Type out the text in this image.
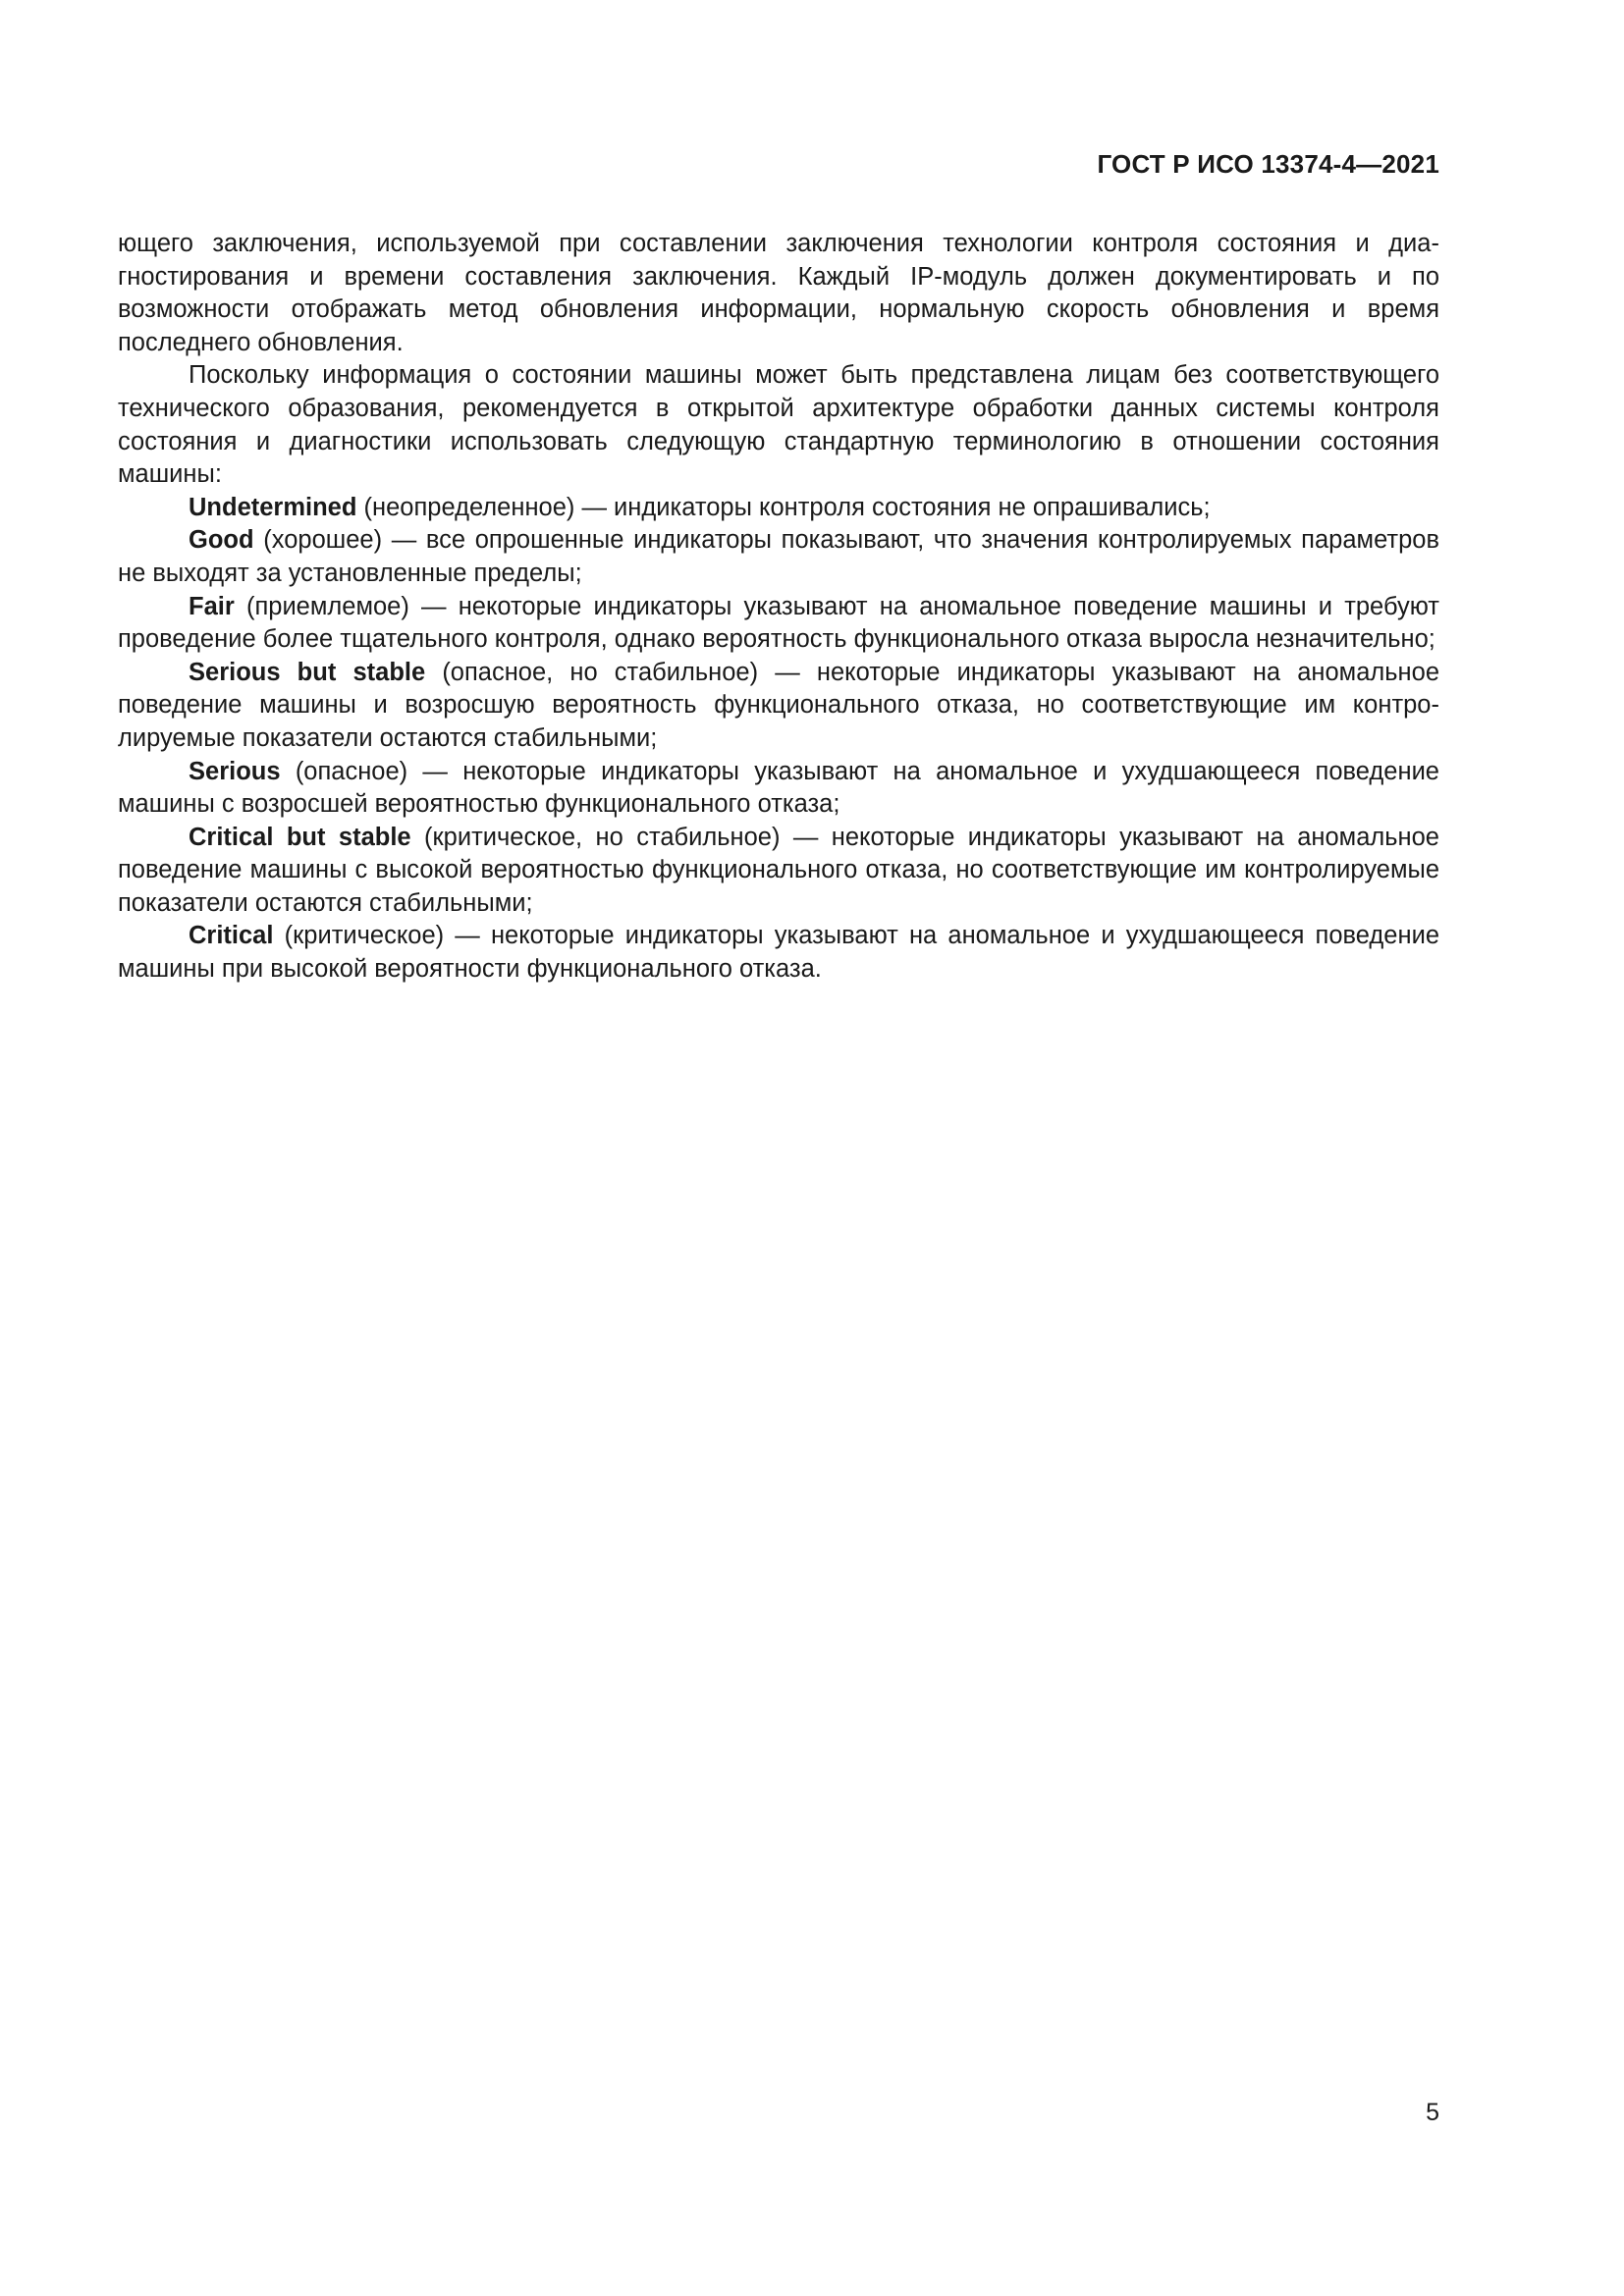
ГОСТ Р ИСО 13374-4—2021

ющего заключения, используемой при составлении заключения технологии контроля состояния и диагностирования и времени составления заключения. Каждый IP-модуль должен документировать и по возможности отображать метод обновления информации, нормальную скорость обновления и время последнего обновления.

Поскольку информация о состоянии машины может быть представлена лицам без соответствующего технического образования, рекомендуется в открытой архитектуре обработки данных системы контроля состояния и диагностики использовать следующую стандартную терминологию в отношении состояния машины:

Undetermined (неопределенное) — индикаторы контроля состояния не опрашивались;

Good (хорошее) — все опрошенные индикаторы показывают, что значения контролируемых параметров не выходят за установленные пределы;

Fair (приемлемое) — некоторые индикаторы указывают на аномальное поведение машины и требуют проведение более тщательного контроля, однако вероятность функционального отказа выросла незначительно;

Serious but stable (опасное, но стабильное) — некоторые индикаторы указывают на аномальное поведение машины и возросшую вероятность функционального отказа, но соответствующие им контролируемые показатели остаются стабильными;

Serious (опасное) — некоторые индикаторы указывают на аномальное и ухудшающееся поведение машины с возросшей вероятностью функционального отказа;

Critical but stable (критическое, но стабильное) — некоторые индикаторы указывают на аномальное поведение машины с высокой вероятностью функционального отказа, но соответствующие им контролируемые показатели остаются стабильными;

Critical (критическое) — некоторые индикаторы указывают на аномальное и ухудшающееся поведение машины при высокой вероятности функционального отказа.

5
